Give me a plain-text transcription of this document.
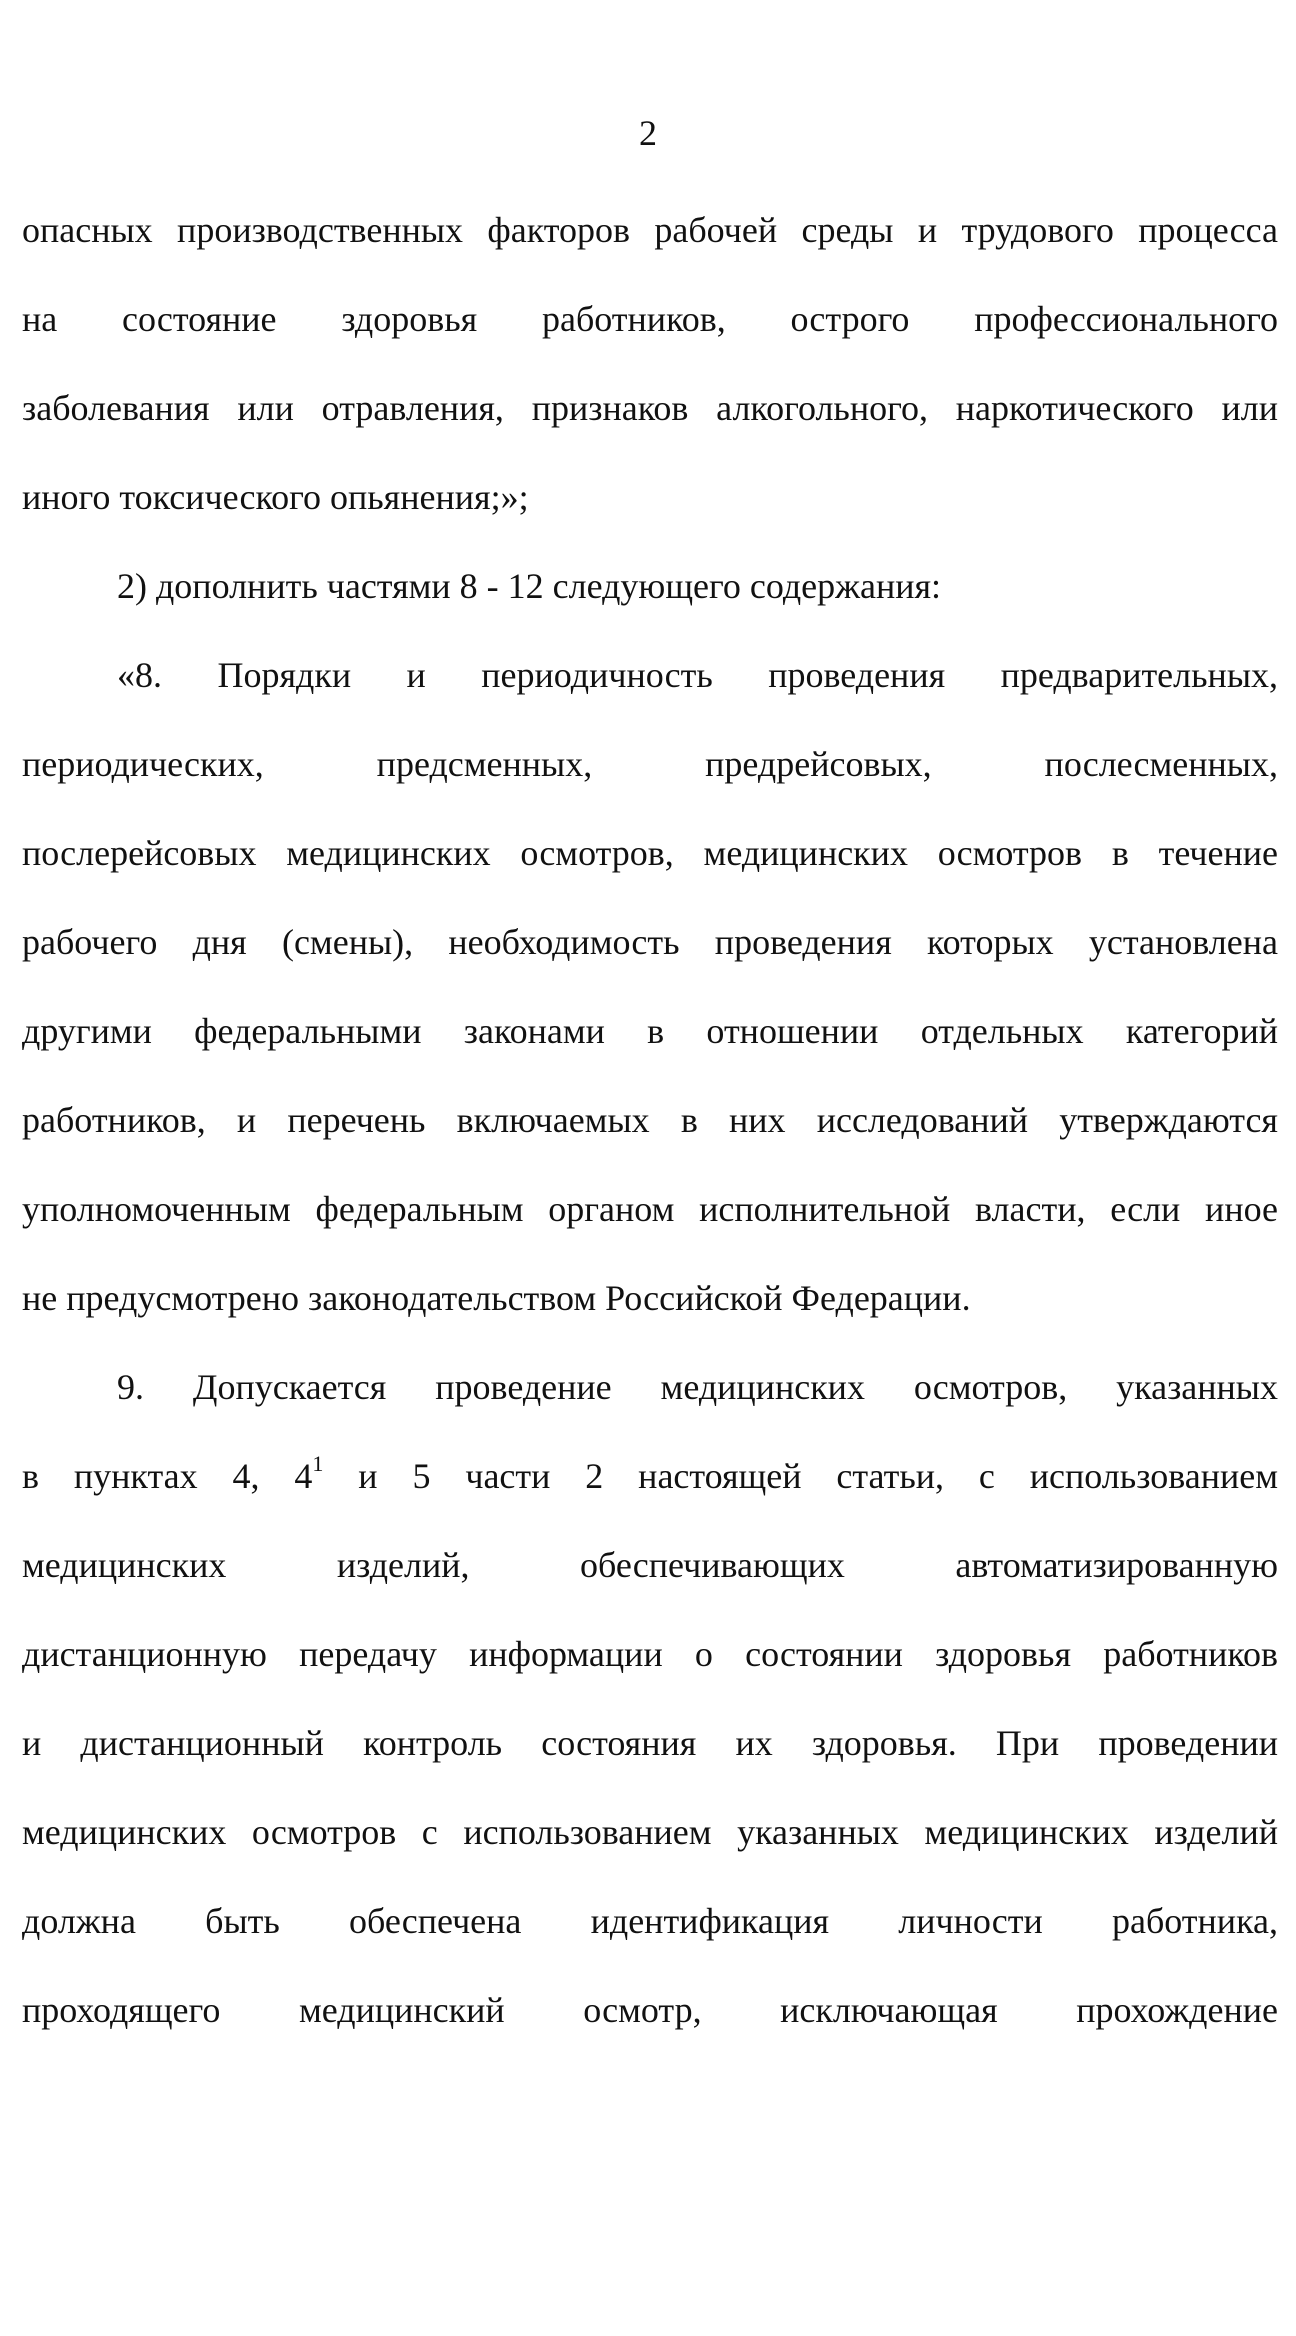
2
опасных производственных факторов рабочей среды и трудового процесса
на состояние здоровья работников, острого профессионального
заболевания или отравления, признаков алкогольного, наркотического или
иного токсического опьянения;»;
2) дополнить частями 8 - 12 следующего содержания:
«8. Порядки и периодичность проведения предварительных,
периодических, предсменных, предрейсовых, послесменных,
послерейсовых медицинских осмотров, медицинских осмотров в течение
рабочего дня (смены), необходимость проведения которых установлена
другими федеральными законами в отношении отдельных категорий
работников, и перечень включаемых в них исследований утверждаются
уполномоченным федеральным органом исполнительной власти, если иное
не предусмотрено законодательством Российской Федерации.
9. Допускается проведение медицинских осмотров, указанных
в пунктах 4, $4^1$ и 5 части 2 настоящей статьи, с использованием
медицинских изделий, обеспечивающих автоматизированную
дистанционную передачу информации о состоянии здоровья работников
и дистанционный контроль состояния их здоровья. При проведении
медицинских осмотров с использованием указанных медицинских изделий
должна быть обеспечена идентификация личности работника,
проходящего медицинский осмотр, исключающая прохождение
